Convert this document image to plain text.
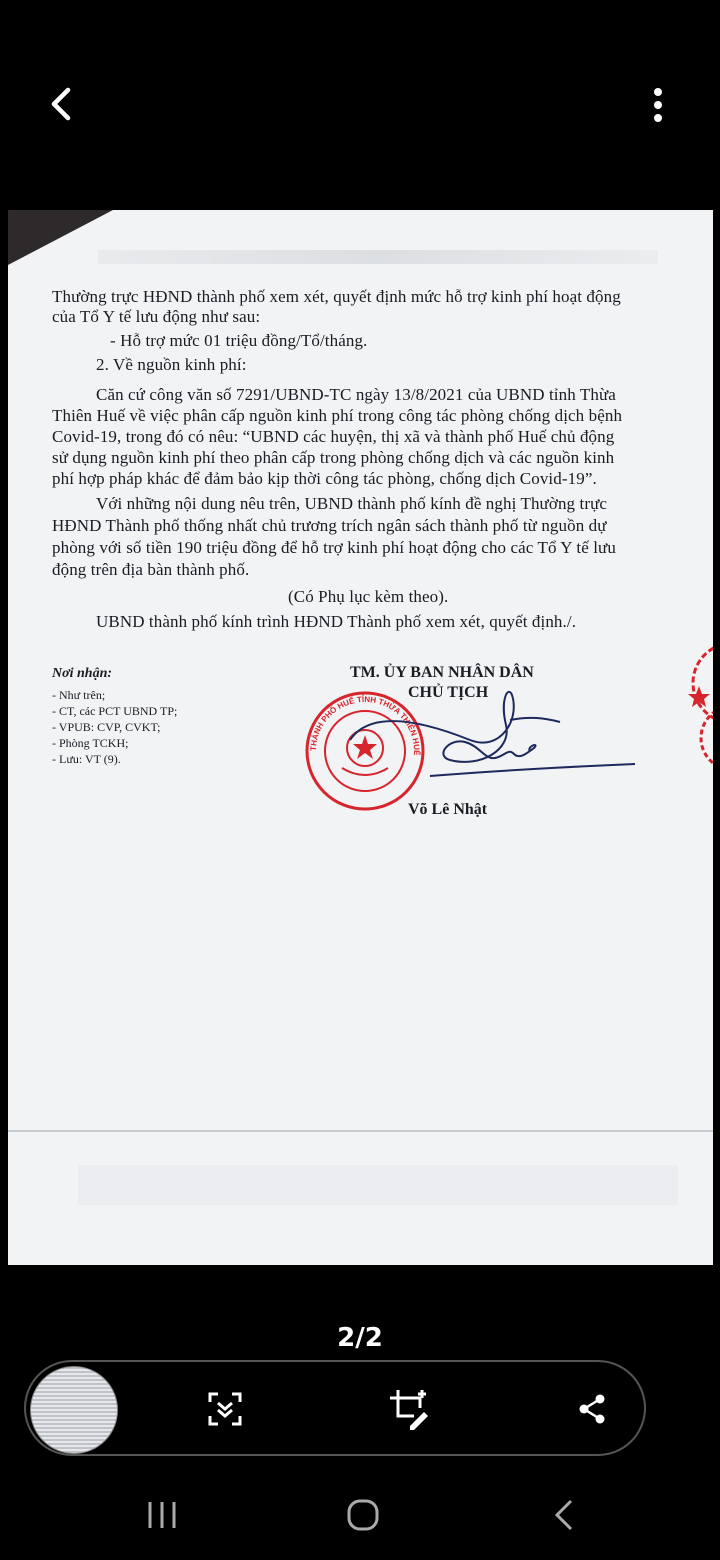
Thường trực HĐND thành phố xem xét, quyết định mức hỗ trợ kinh phí hoạt động
của Tổ Y tế lưu động như sau:
- Hỗ trợ mức 01 triệu đồng/Tổ/tháng.
2. Về nguồn kinh phí:
Căn cứ công văn số 7291/UBND-TC ngày 13/8/2021 của UBND tỉnh Thừa
Thiên Huế về việc phân cấp nguồn kinh phí trong công tác phòng chống dịch bệnh
Covid-19, trong đó có nêu: “UBND các huyện, thị xã và thành phố Huế chủ động
sử dụng nguồn kinh phí theo phân cấp trong phòng chống dịch và các nguồn kinh
phí hợp pháp khác để đảm bảo kịp thời công tác phòng, chống dịch Covid-19”.
Với những nội dung nêu trên, UBND thành phố kính đề nghị Thường trực
HĐND Thành phố thống nhất chủ trương trích ngân sách thành phố từ nguồn dự
phòng với số tiền 190 triệu đồng để hỗ trợ kinh phí hoạt động cho các Tổ Y tế lưu
động trên địa bàn thành phố.
(Có Phụ lục kèm theo).
UBND thành phố kính trình HĐND Thành phố xem xét, quyết định./.
Nơi nhận:
- Như trên;
- CT, các PCT UBND TP;
- VPUB: CVP, CVKT;
- Phòng TCKH;
- Lưu: VT (9).
TM. ỦY BAN NHÂN DÂN
CHỦ TỊCH
Võ Lê Nhật
THÀNH PHỐ HUẾ TỈNH THỪA THIÊN HUẾ
2/2
